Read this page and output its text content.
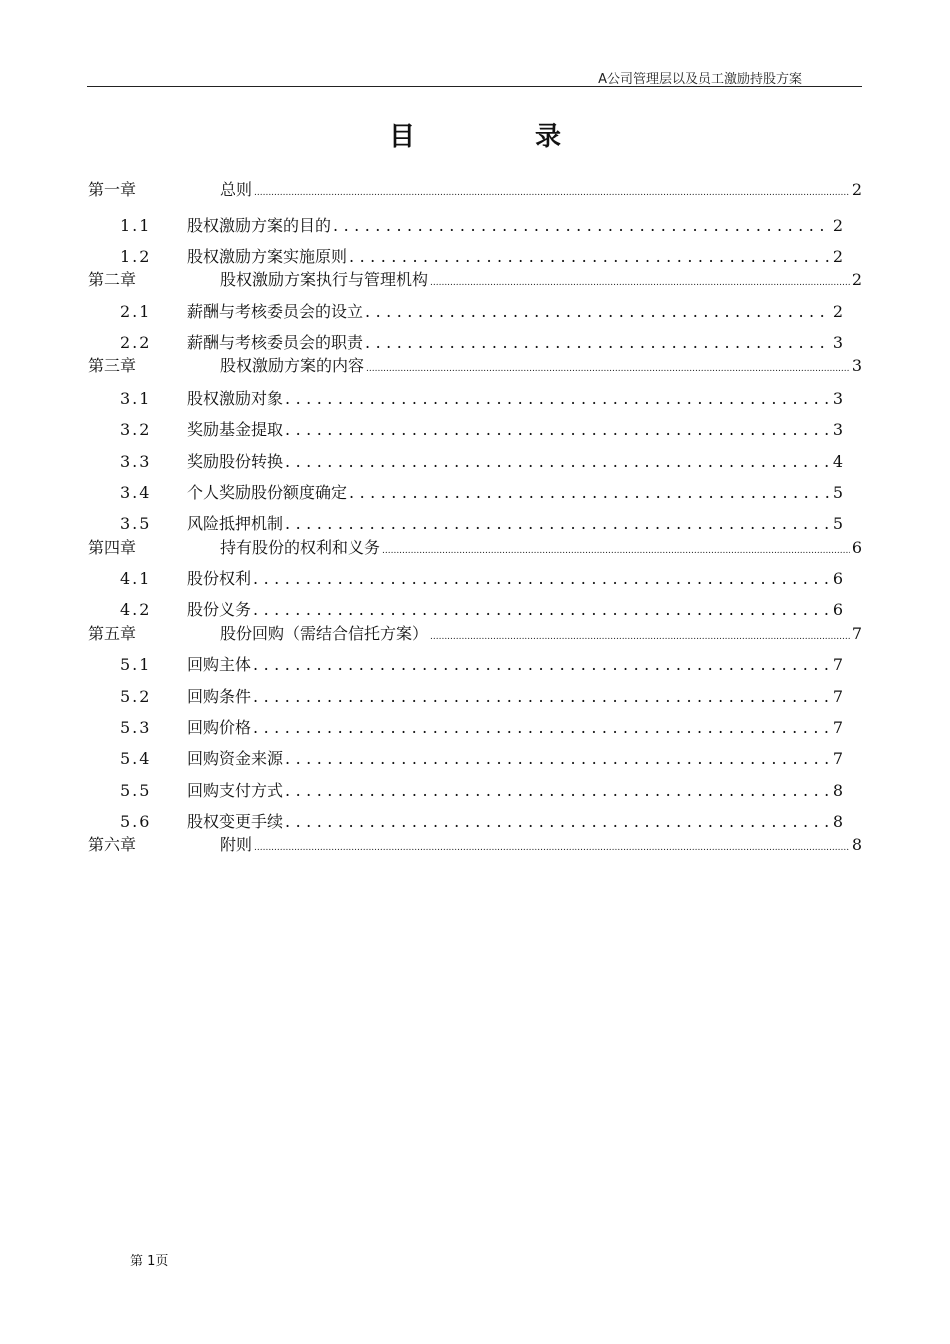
A公司管理层以及员工激励持股方案
目	录
第一章	总则 .....	2
1.1	股权激励方案的目的 . . .	2
1.2	股权激励方案实施原则 . . .	2
第二章	股权激励方案执行与管理机构 .....	2
2.1	薪酬与考核委员会的设立 . . .	2
2.2	薪酬与考核委员会的职责 . . .	3
第三章	股权激励方案的内容 .....	3
3.1	股权激励对象 . . .	3
3.2	奖励基金提取 . . .	3
3.3	奖励股份转换 . . .	4
3.4	个人奖励股份额度确定 . . .	5
3.5	风险抵押机制 . . .	5
第四章	持有股份的权利和义务 .....	6
4.1	股份权利 . . .	6
4.2	股份义务 . . .	6
第五章	股份回购（需结合信托方案） .....	7
5.1	回购主体 . . .	7
5.2	回购条件 . . .	7
5.3	回购价格 . . .	7
5.4	回购资金来源 . . .	7
5.5	回购支付方式 . . .	8
5.6	股权变更手续 . . .	8
第六章	附则 .....	8
第 1页
